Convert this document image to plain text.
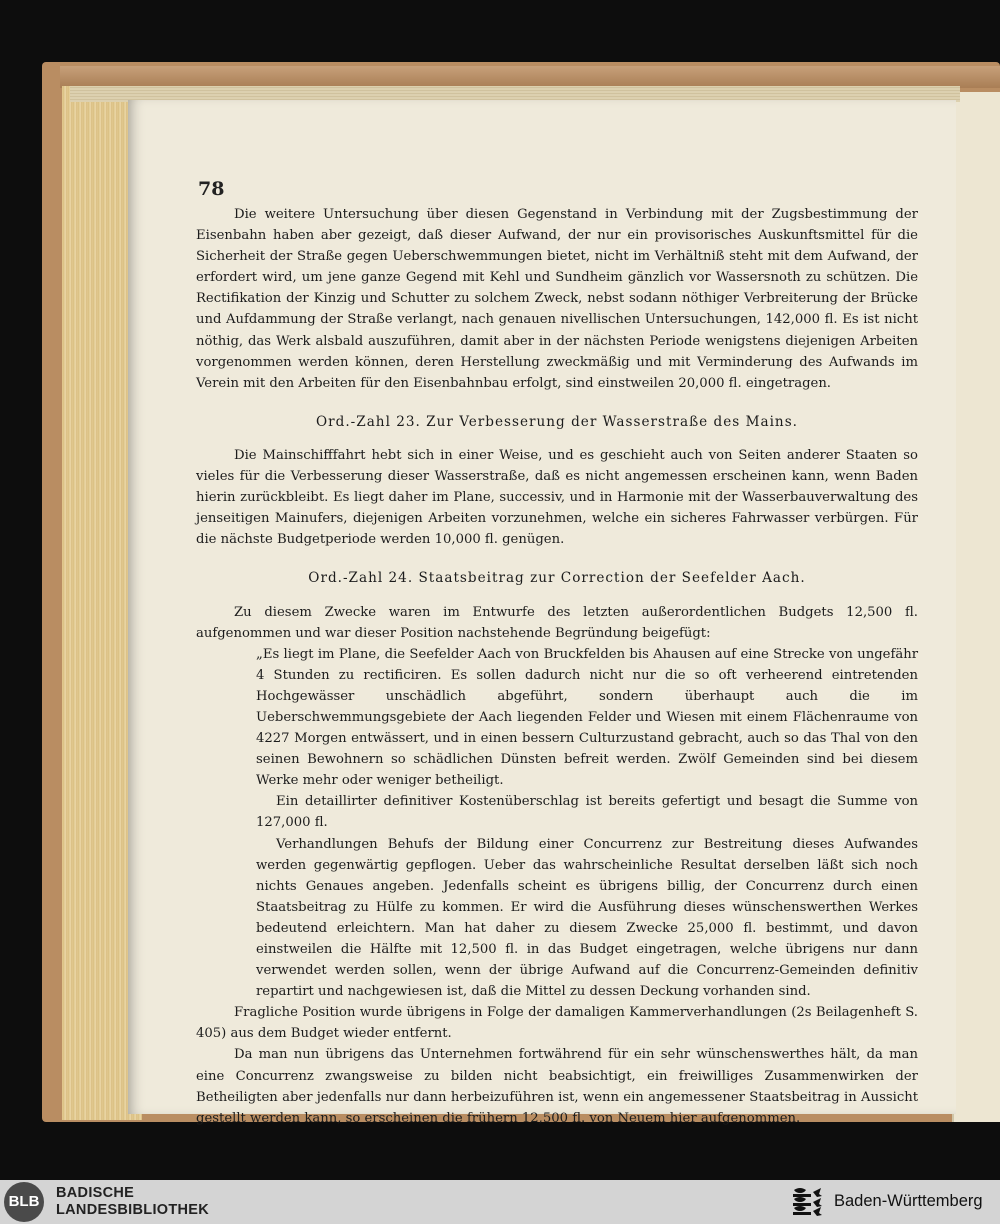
78

Die weitere Untersuchung über diesen Gegenstand in Verbindung mit der Zugsbestimmung der Eisenbahn haben aber gezeigt, daß dieser Aufwand, der nur ein provisorisches Auskunftsmittel für die Sicherheit der Straße gegen Ueberschwemmungen bietet, nicht im Verhältniß steht mit dem Aufwand, der erfordert wird, um jene ganze Gegend mit Kehl und Sundheim gänzlich vor Wassersnoth zu schützen. Die Rectifikation der Kinzig und Schutter zu solchem Zweck, nebst sodann nöthiger Verbreiterung der Brücke und Aufdammung der Straße verlangt, nach genauen nivellischen Untersuchungen, 142,000 fl. Es ist nicht nöthig, das Werk alsbald auszuführen, damit aber in der nächsten Periode wenigstens diejenigen Arbeiten vorgenommen werden können, deren Herstellung zweckmäßig und mit Verminderung des Aufwands im Verein mit den Arbeiten für den Eisenbahnbau erfolgt, sind einstweilen 20,000 fl. eingetragen.

Ord.-Zahl 23. Zur Verbesserung der Wasserstraße des Mains.

Die Mainschifffahrt hebt sich in einer Weise, und es geschieht auch von Seiten anderer Staaten so vieles für die Verbesserung dieser Wasserstraße, daß es nicht angemessen erscheinen kann, wenn Baden hierin zurückbleibt. Es liegt daher im Plane, successiv, und in Harmonie mit der Wasserbauverwaltung des jenseitigen Mainufers, diejenigen Arbeiten vorzunehmen, welche ein sicheres Fahrwasser verbürgen. Für die nächste Budgetperiode werden 10,000 fl. genügen.

Ord.-Zahl 24. Staatsbeitrag zur Correction der Seefelder Aach.

Zu diesem Zwecke waren im Entwurfe des letzten außerordentlichen Budgets 12,500 fl. aufgenommen und war dieser Position nachstehende Begründung beigefügt:

„Es liegt im Plane, die Seefelder Aach von Bruckfelden bis Ahausen auf eine Strecke von ungefähr 4 Stunden zu rectificiren. Es sollen dadurch nicht nur die so oft verheerend eintretenden Hochgewässer unschädlich abgeführt, sondern überhaupt auch die im Ueberschwemmungsgebiete der Aach liegenden Felder und Wiesen mit einem Flächenraume von 4227 Morgen entwässert, und in einen bessern Culturzustand gebracht, auch so das Thal von den seinen Bewohnern so schädlichen Dünsten befreit werden. Zwölf Gemeinden sind bei diesem Werke mehr oder weniger betheiligt.

Ein detaillirter definitiver Kostenüberschlag ist bereits gefertigt und besagt die Summe von 127,000 fl.

Verhandlungen Behufs der Bildung einer Concurrenz zur Bestreitung dieses Aufwandes werden gegenwärtig gepflogen. Ueber das wahrscheinliche Resultat derselben läßt sich noch nichts Genaues angeben. Jedenfalls scheint es übrigens billig, der Concurrenz durch einen Staatsbeitrag zu Hülfe zu kommen. Er wird die Ausführung dieses wünschenswerthen Werkes bedeutend erleichtern. Man hat daher zu diesem Zwecke 25,000 fl. bestimmt, und davon einstweilen die Hälfte mit 12,500 fl. in das Budget eingetragen, welche übrigens nur dann verwendet werden sollen, wenn der übrige Aufwand auf die Concurrenz-Gemeinden definitiv repartirt und nachgewiesen ist, daß die Mittel zu dessen Deckung vorhanden sind.

Fragliche Position wurde übrigens in Folge der damaligen Kammerverhandlungen (2s Beilagenheft S. 405) aus dem Budget wieder entfernt.

Da man nun übrigens das Unternehmen fortwährend für ein sehr wünschenswerthes hält, da man eine Concurrenz zwangsweise zu bilden nicht beabsichtigt, ein freiwilliges Zusammenwirken der Betheiligten aber jedenfalls nur dann herbeizuführen ist, wenn ein angemessener Staatsbeitrag in Aussicht gestellt werden kann, so erscheinen die frühern 12,500 fl. von Neuem hier aufgenommen.

BLB	BADISCHE
LANDESBIBLIOTHEK	Baden-Württemberg
